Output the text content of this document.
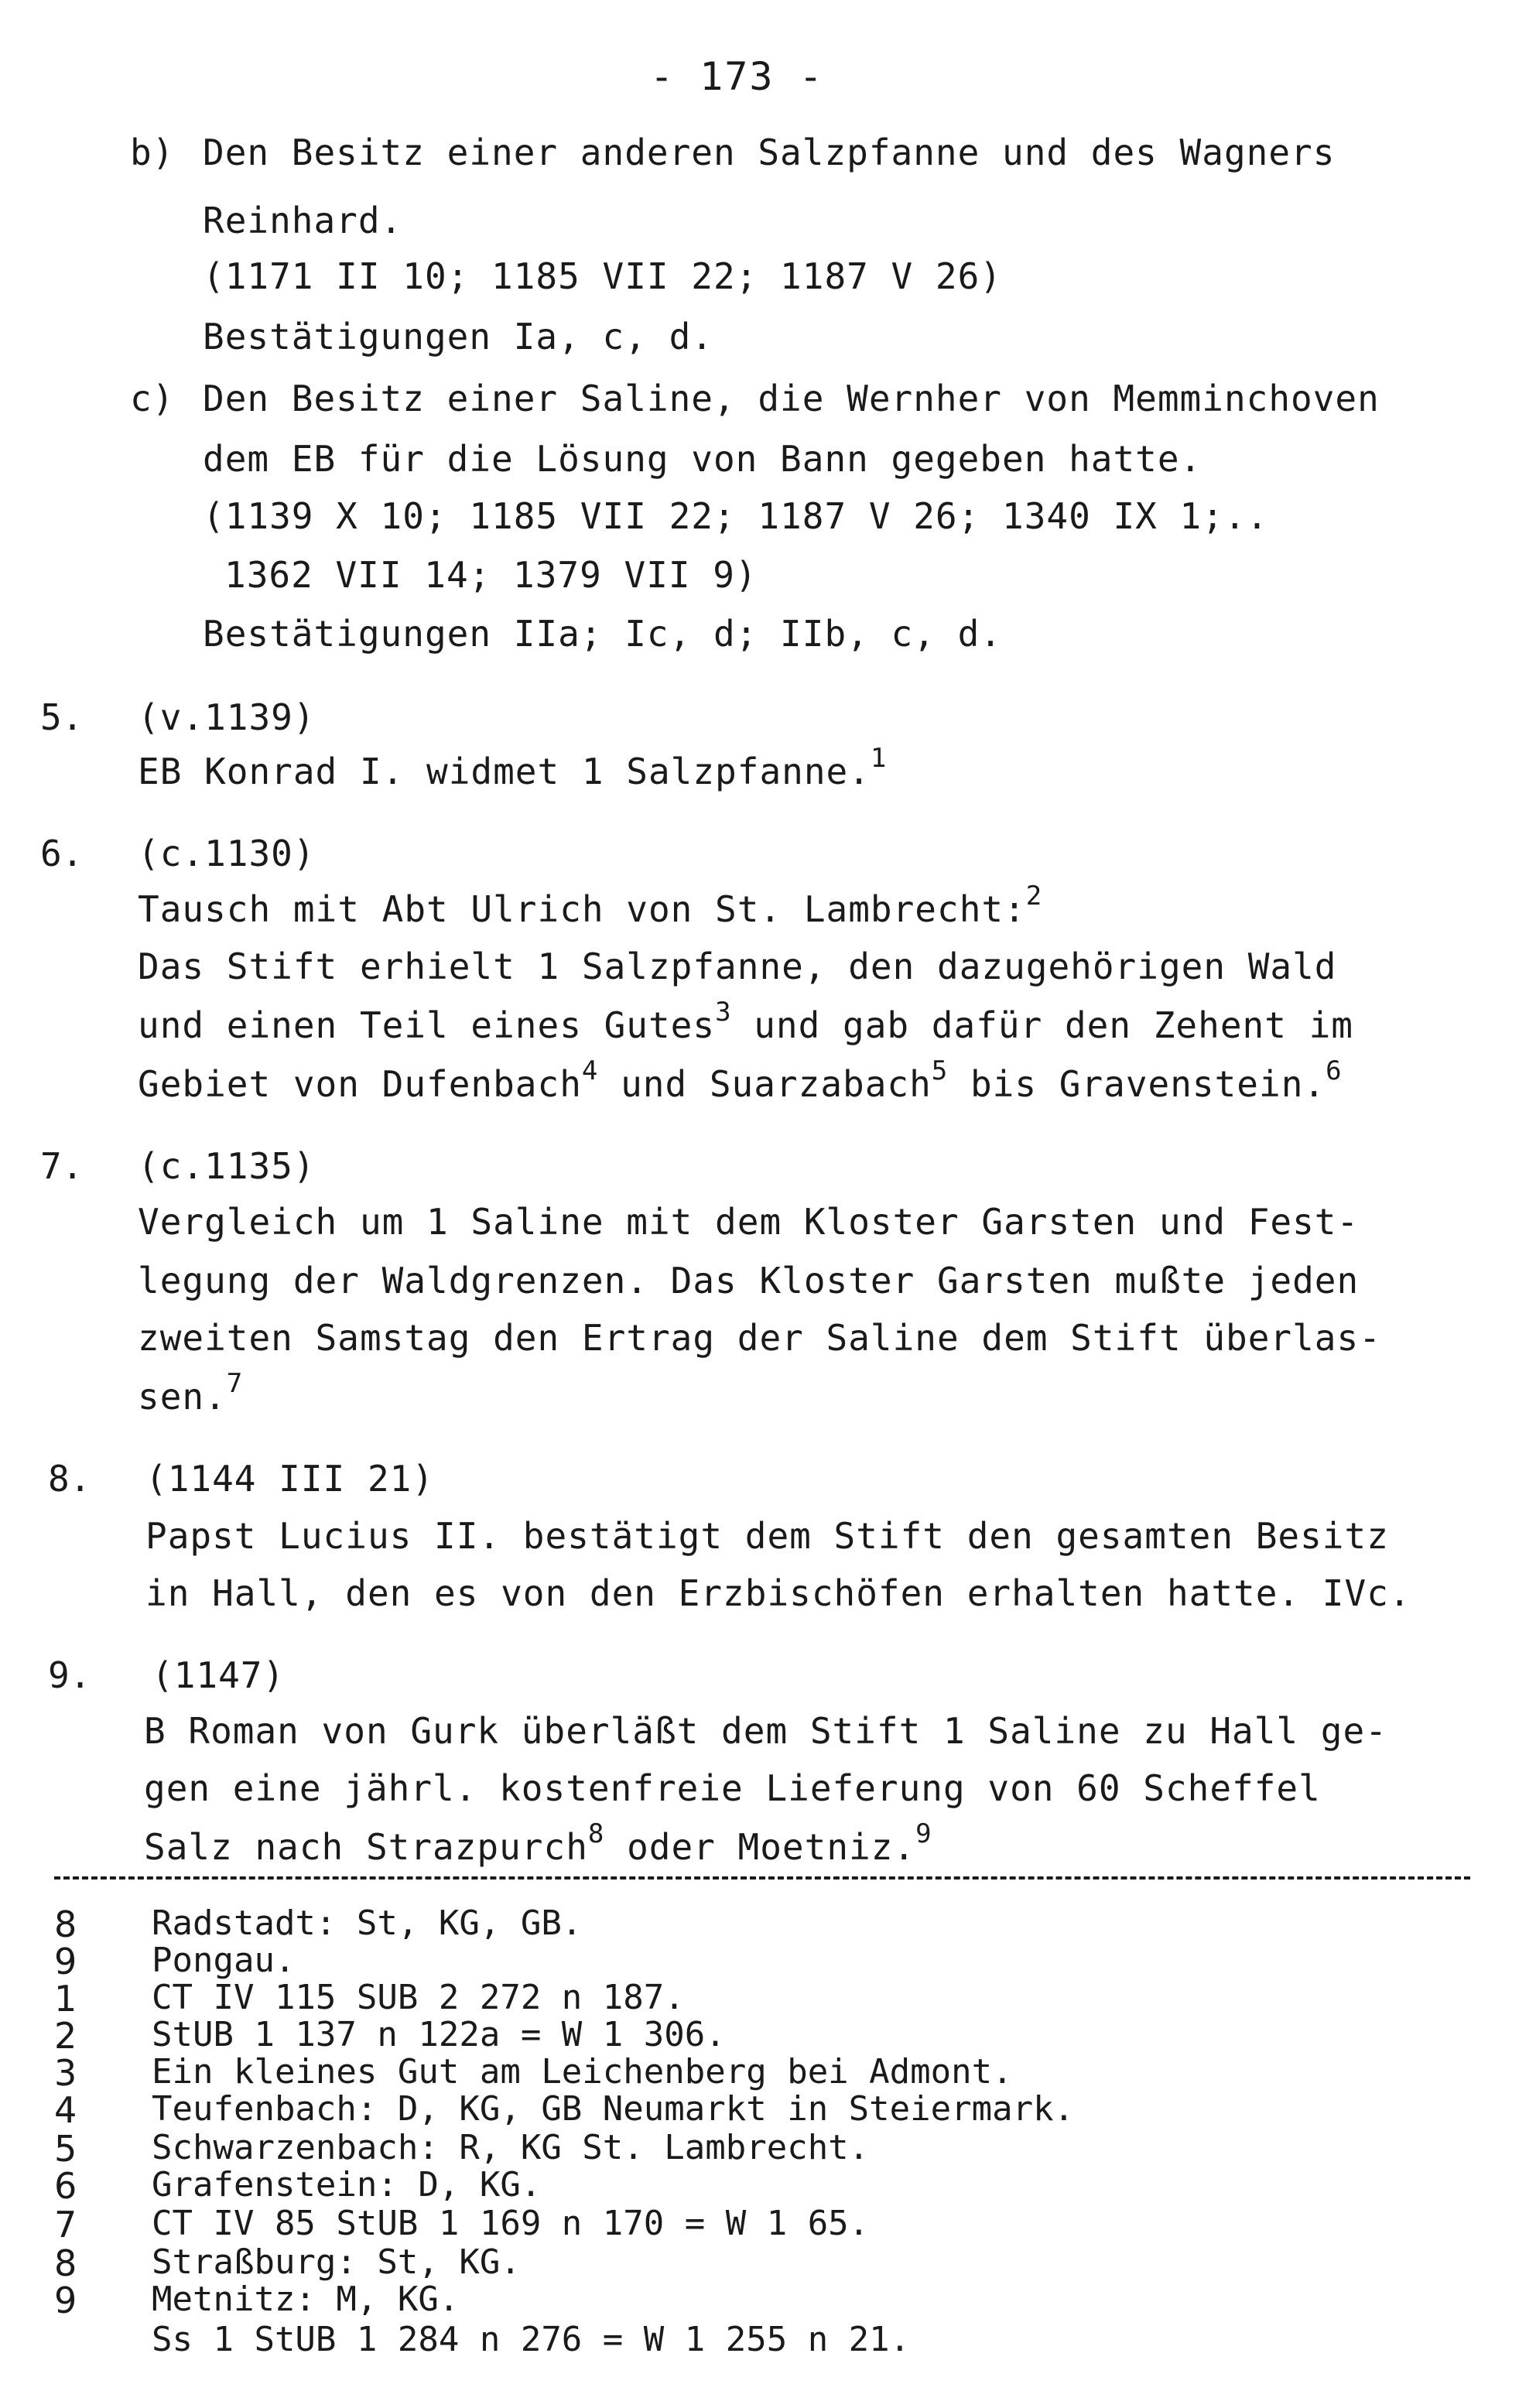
- 173 -
b) Den Besitz einer anderen Salzpfanne und des Wagners
Reinhard.
(1171 II 10; 1185 VII 22; 1187 V 26)
Bestätigungen Ia, c, d.
c) Den Besitz einer Saline, die Wernher von Memminchoven
dem EB für die Lösung von Bann gegeben hatte.
(1139 X 10; 1185 VII 22; 1187 V 26; 1340 IX 1;..
1362 VII 14; 1379 VII 9)
Bestätigungen IIa; Ic, d; IIb, c, d.
5. (v.1139)
EB Konrad I. widmet 1 Salzpfanne.$^1$
6. (c.1130)
Tausch mit Abt Ulrich von St. Lambrecht:$^2$
Das Stift erhielt 1 Salzpfanne, den dazugehörigen Wald
und einen Teil eines Gutes$^3$ und gab dafür den Zehent im
Gebiet von Dufenbach$^4$ und Suarzabach$^5$ bis Gravenstein.$^6$
7. (c.1135)
Vergleich um 1 Saline mit dem Kloster Garsten und Fest-
legung der Waldgrenzen. Das Kloster Garsten mußte jeden
zweiten Samstag den Ertrag der Saline dem Stift überlas-
sen.$^7$
8. (1144 III 21)
Papst Lucius II. bestätigt dem Stift den gesamten Besitz
in Hall, den es von den Erzbischöfen erhalten hatte. IVc.
9. (1147)
B Roman von Gurk überläßt dem Stift 1 Saline zu Hall ge-
gen eine jährl. kostenfreie Lieferung von 60 Scheffel
Salz nach Strazpurch$^8$ oder Moetniz.$^9$
8 Radstadt: St, KG, GB.
9 Pongau.
1 CT IV 115 SUB 2 272 n 187.
2 StUB 1 137 n 122a = W 1 306.
3 Ein kleines Gut am Leichenberg bei Admont.
4 Teufenbach: D, KG, GB Neumarkt in Steiermark.
5 Schwarzenbach: R, KG St. Lambrecht.
6 Grafenstein: D, KG.
7 CT IV 85 StUB 1 169 n 170 = W 1 65.
8 Straßburg: St, KG.
9 Metnitz: M, KG.
Ss 1 StUB 1 284 n 276 = W 1 255 n 21.
